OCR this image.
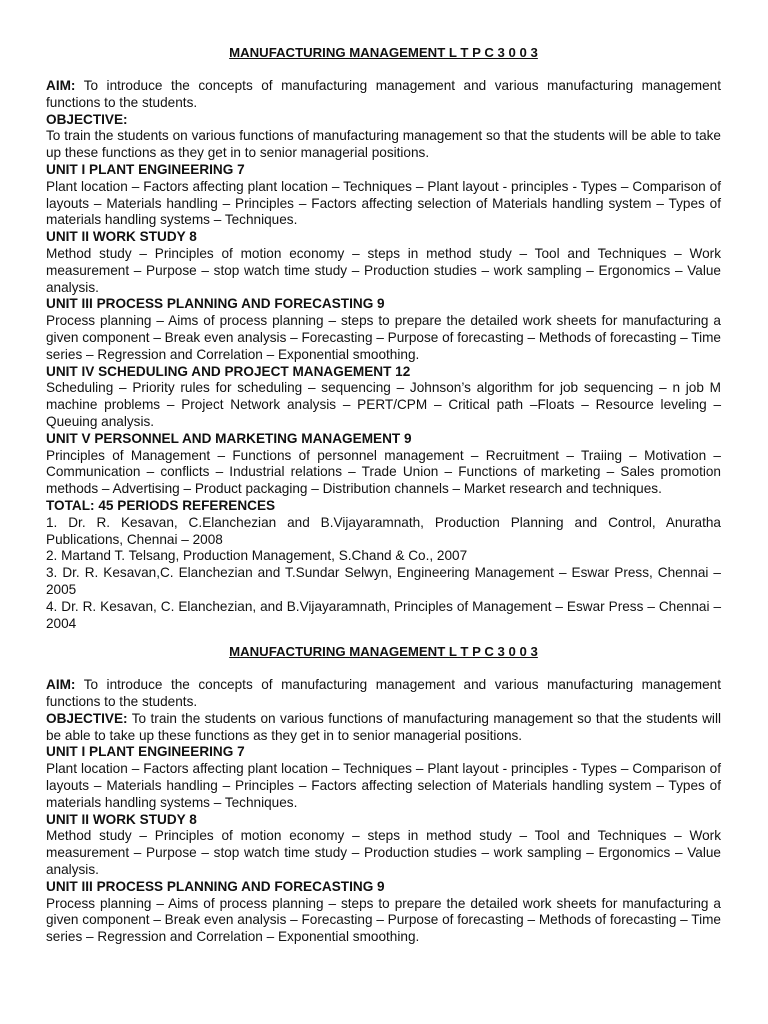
MANUFACTURING MANAGEMENT L T P C 3 0 0 3

AIM: To introduce the concepts of manufacturing management and various manufacturing management functions to the students.

OBJECTIVE:

To train the students on various functions of manufacturing management so that the students will be able to take up these functions as they get in to senior managerial positions.

UNIT I PLANT ENGINEERING 7

Plant location – Factors affecting plant location – Techniques – Plant layout - principles - Types – Comparison of layouts – Materials handling – Principles – Factors affecting selection of Materials handling system – Types of materials handling systems – Techniques.

UNIT II WORK STUDY 8

Method study – Principles of motion economy – steps in method study – Tool and Techniques – Work measurement – Purpose – stop watch time study – Production studies – work sampling – Ergonomics – Value analysis.

UNIT III PROCESS PLANNING AND FORECASTING 9

Process planning – Aims of process planning – steps to prepare the detailed work sheets for manufacturing a given component – Break even analysis – Forecasting – Purpose of forecasting – Methods of forecasting – Time series – Regression and Correlation – Exponential smoothing.

UNIT IV SCHEDULING AND PROJECT MANAGEMENT 12

Scheduling – Priority rules for scheduling – sequencing – Johnson’s algorithm for job sequencing – n job M machine problems – Project Network analysis – PERT/CPM – Critical path –Floats – Resource leveling – Queuing analysis.

UNIT V PERSONNEL AND MARKETING MANAGEMENT 9

Principles of Management – Functions of personnel management – Recruitment – Traiing – Motivation – Communication – conflicts – Industrial relations – Trade Union – Functions of marketing – Sales promotion methods – Advertising – Product packaging – Distribution channels – Market research and techniques.

TOTAL: 45 PERIODS REFERENCES

1. Dr. R. Kesavan, C.Elanchezian and B.Vijayaramnath, Production Planning and Control, Anuratha Publications, Chennai – 2008

2. Martand T. Telsang, Production Management, S.Chand & Co., 2007

3. Dr. R. Kesavan,C. Elanchezian and T.Sundar Selwyn, Engineering Management – Eswar Press, Chennai – 2005

4. Dr. R. Kesavan, C. Elanchezian, and B.Vijayaramnath, Principles of Management – Eswar Press – Chennai – 2004

MANUFACTURING MANAGEMENT L T P C 3 0 0 3

AIM: To introduce the concepts of manufacturing management and various manufacturing management functions to the students.

OBJECTIVE: To train the students on various functions of manufacturing management so that the students will be able to take up these functions as they get in to senior managerial positions.

UNIT I PLANT ENGINEERING 7

Plant location – Factors affecting plant location – Techniques – Plant layout - principles - Types – Comparison of layouts – Materials handling – Principles – Factors affecting selection of Materials handling system – Types of materials handling systems – Techniques.

UNIT II WORK STUDY 8

Method study – Principles of motion economy – steps in method study – Tool and Techniques – Work measurement – Purpose – stop watch time study – Production studies – work sampling – Ergonomics – Value analysis.

UNIT III PROCESS PLANNING AND FORECASTING 9

Process planning – Aims of process planning – steps to prepare the detailed work sheets for manufacturing a given component – Break even analysis – Forecasting – Purpose of forecasting – Methods of forecasting – Time series – Regression and Correlation – Exponential smoothing.
